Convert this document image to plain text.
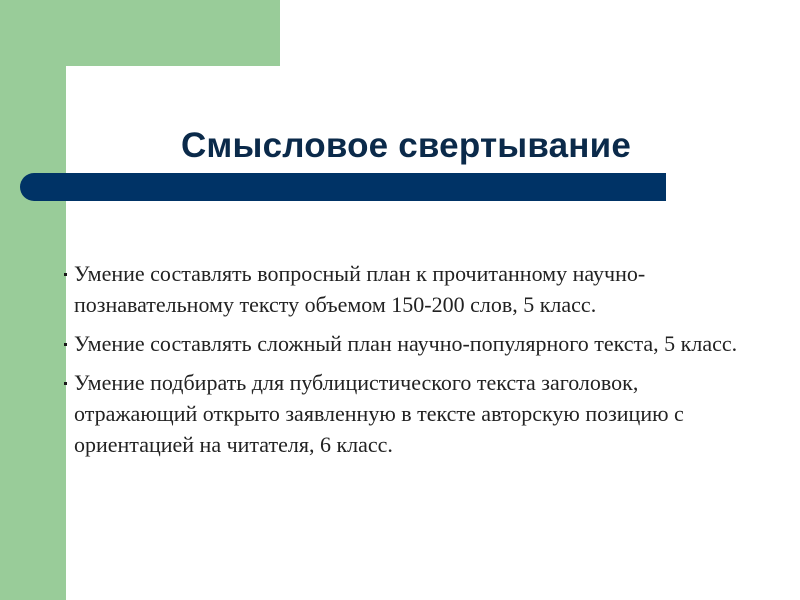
Смысловое свертывание
Умение составлять вопросный план к прочитанному научно-познавательному тексту объемом 150-200 слов, 5 класс.
Умение составлять сложный план научно-популярного текста, 5 класс.
Умение подбирать для публицистического текста заголовок, отражающий открыто заявленную в тексте авторскую позицию с ориентацией на читателя, 6 класс.
